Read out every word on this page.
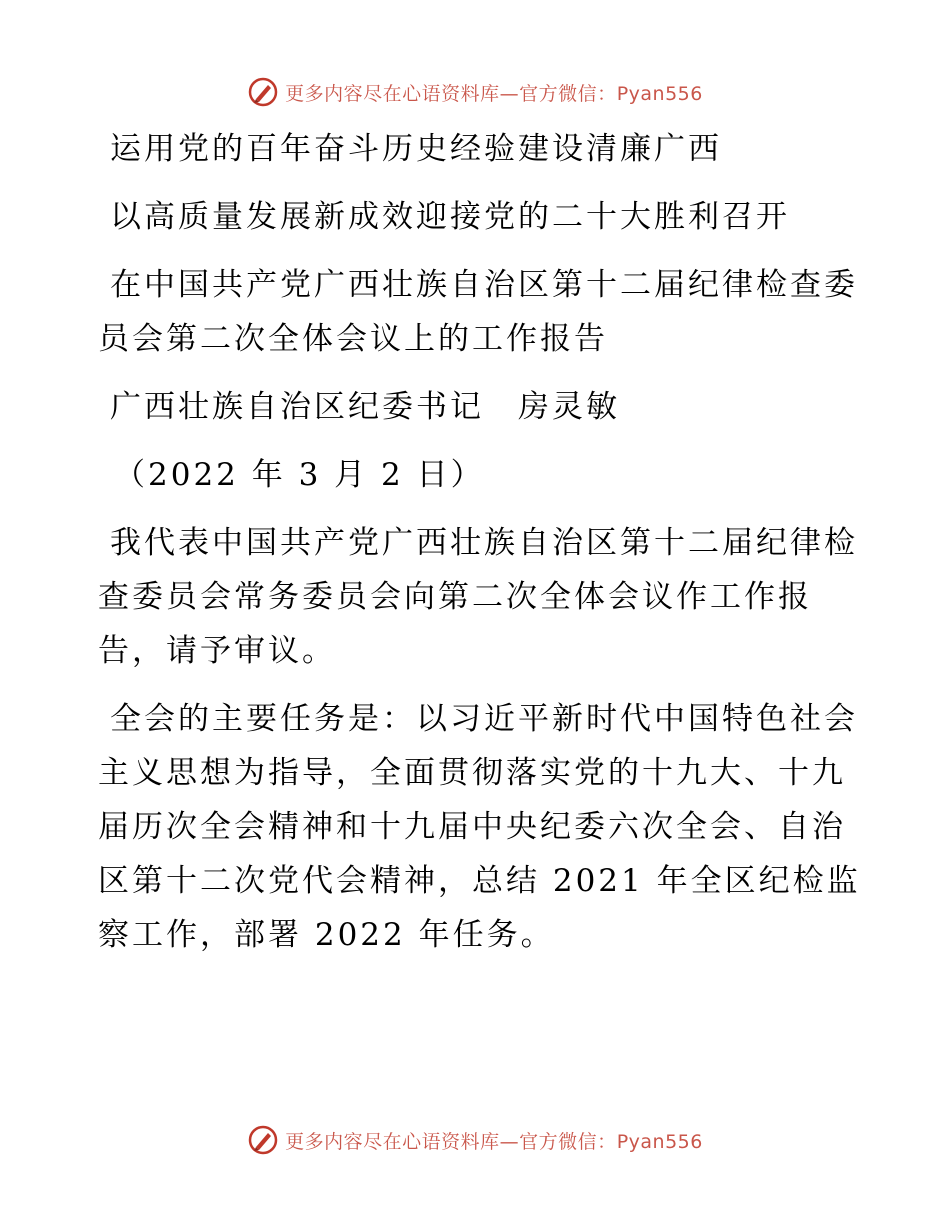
更多内容尽在心语资料库—官方微信：Pyan556

运用党的百年奋斗历史经验建设清廉广西

以高质量发展新成效迎接党的二十大胜利召开

在中国共产党广西壮族自治区第十二届纪律检查委员会第二次全体会议上的工作报告

广西壮族自治区纪委书记　房灵敏

（2022 年 3 月 2 日）

我代表中国共产党广西壮族自治区第十二届纪律检查委员会常务委员会向第二次全体会议作工作报告，请予审议。

全会的主要任务是：以习近平新时代中国特色社会主义思想为指导，全面贯彻落实党的十九大、十九届历次全会精神和十九届中央纪委六次全会、自治区第十二次党代会精神，总结 2021 年全区纪检监察工作，部署 2022 年任务。

更多内容尽在心语资料库—官方微信：Pyan556
